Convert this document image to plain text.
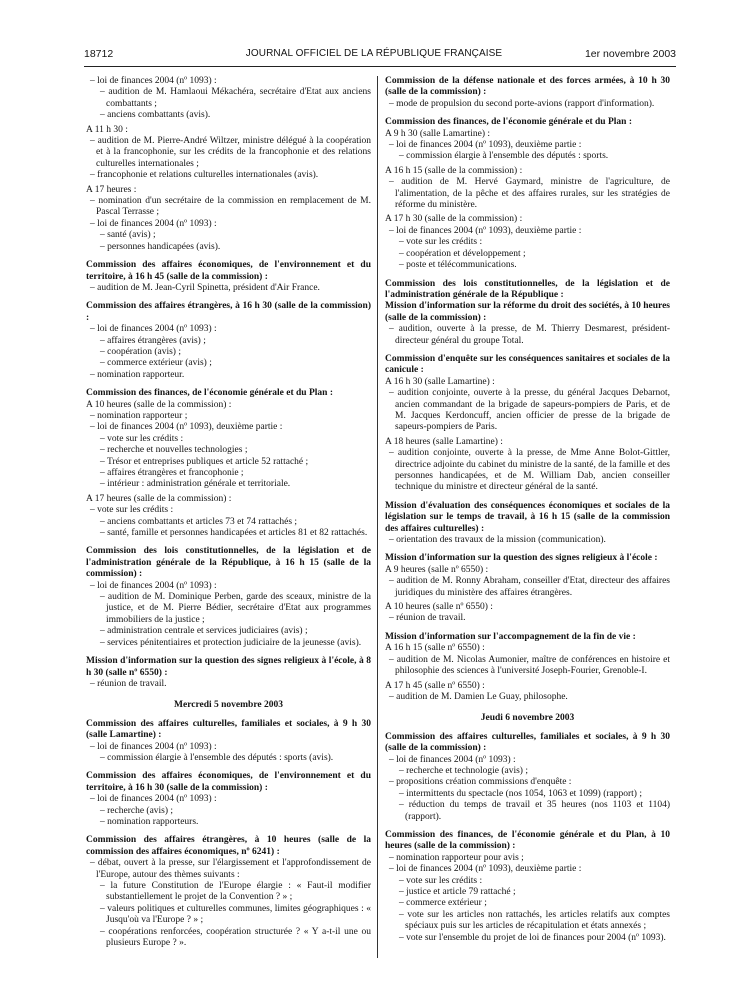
18712	JOURNAL OFFICIEL DE LA RÉPUBLIQUE FRANÇAISE	1er novembre 2003

– loi de finances 2004 (nº 1093) :

– audition de M. Hamlaoui Mékachéra, secrétaire d'Etat aux anciens combattants ;

– anciens combattants (avis).

A 11 h 30 :

– audition de M. Pierre-André Wiltzer, ministre délégué à la coopération et à la francophonie, sur les crédits de la francophonie et des relations culturelles internationales ;

– francophonie et relations culturelles internationales (avis).

A 17 heures :

– nomination d'un secrétaire de la commission en remplacement de M. Pascal Terrasse ;

– loi de finances 2004 (nº 1093) :

– santé (avis) ;

– personnes handicapées (avis).

Commission des affaires économiques, de l'environnement et du territoire, à 16 h 45 (salle de la commission) :

– audition de M. Jean-Cyril Spinetta, président d'Air France.

Commission des affaires étrangères, à 16 h 30 (salle de la commission) :

– loi de finances 2004 (nº 1093) :

– affaires étrangères (avis) ;

– coopération (avis) ;

– commerce extérieur (avis) ;

– nomination rapporteur.

Commission des finances, de l'économie générale et du Plan :

A 10 heures (salle de la commission) :

– nomination rapporteur ;

– loi de finances 2004 (nº 1093), deuxième partie :

– vote sur les crédits :

– recherche et nouvelles technologies ;

– Trésor et entreprises publiques et article 52 rattaché ;

– affaires étrangères et francophonie ;

– intérieur : administration générale et territoriale.

A 17 heures (salle de la commission) :

– vote sur les crédits :

– anciens combattants et articles 73 et 74 rattachés ;

– santé, famille et personnes handicapées et articles 81 et 82 rattachés.

Commission des lois constitutionnelles, de la législation et de l'administration générale de la République, à 16 h 15 (salle de la commission) :

– loi de finances 2004 (nº 1093) :

– audition de M. Dominique Perben, garde des sceaux, ministre de la justice, et de M. Pierre Bédier, secrétaire d'Etat aux programmes immobiliers de la justice ;

– administration centrale et services judiciaires (avis) ;

– services pénitentiaires et protection judiciaire de la jeunesse (avis).

Mission d'information sur la question des signes religieux à l'école, à 8 h 30 (salle nº 6550) :

– réunion de travail.

Mercredi 5 novembre 2003

Commission des affaires culturelles, familiales et sociales, à 9 h 30 (salle Lamartine) :

– loi de finances 2004 (nº 1093) :

– commission élargie à l'ensemble des députés : sports (avis).

Commission des affaires économiques, de l'environnement et du territoire, à 16 h 30 (salle de la commission) :

– loi de finances 2004 (nº 1093) :

– recherche (avis) ;

– nomination rapporteurs.

Commission des affaires étrangères, à 10 heures (salle de la commission des affaires économiques, nº 6241) :

– débat, ouvert à la presse, sur l'élargissement et l'approfondissement de l'Europe, autour des thèmes suivants :

– la future Constitution de l'Europe élargie : « Faut-il modifier substantiellement le projet de la Convention ? » ;

– valeurs politiques et culturelles communes, limites géographiques : « Jusqu'où va l'Europe ? » ;

– coopérations renforcées, coopération structurée ? « Y a-t-il une ou plusieurs Europe ? ».

Commission de la défense nationale et des forces armées, à 10 h 30 (salle de la commission) :

– mode de propulsion du second porte-avions (rapport d'information).

Commission des finances, de l'économie générale et du Plan :

A 9 h 30 (salle Lamartine) :

– loi de finances 2004 (nº 1093), deuxième partie :

– commission élargie à l'ensemble des députés : sports.

A 16 h 15 (salle de la commission) :

– audition de M. Hervé Gaymard, ministre de l'agriculture, de l'alimentation, de la pêche et des affaires rurales, sur les stratégies de réforme du ministère.

A 17 h 30 (salle de la commission) :

– loi de finances 2004 (nº 1093), deuxième partie :

– vote sur les crédits :

– coopération et développement ;

– poste et télécommunications.

Commission des lois constitutionnelles, de la législation et de l'administration générale de la République :

Mission d'information sur la réforme du droit des sociétés, à 10 heures (salle de la commission) :

– audition, ouverte à la presse, de M. Thierry Desmarest, président-directeur général du groupe Total.

Commission d'enquête sur les conséquences sanitaires et sociales de la canicule :

A 16 h 30 (salle Lamartine) :

– audition conjointe, ouverte à la presse, du général Jacques Debarnot, ancien commandant de la brigade de sapeurs-pompiers de Paris, et de M. Jacques Kerdoncuff, ancien officier de presse de la brigade de sapeurs-pompiers de Paris.

A 18 heures (salle Lamartine) :

– audition conjointe, ouverte à la presse, de Mme Anne Bolot-Gittler, directrice adjointe du cabinet du ministre de la santé, de la famille et des personnes handicapées, et de M. William Dab, ancien conseiller technique du ministre et directeur général de la santé.

Mission d'évaluation des conséquences économiques et sociales de la législation sur le temps de travail, à 16 h 15 (salle de la commission des affaires culturelles) :

– orientation des travaux de la mission (communication).

Mission d'information sur la question des signes religieux à l'école :

A 9 heures (salle nº 6550) :

– audition de M. Ronny Abraham, conseiller d'Etat, directeur des affaires juridiques du ministère des affaires étrangères.

A 10 heures (salle nº 6550) :

– réunion de travail.

Mission d'information sur l'accompagnement de la fin de vie :

A 16 h 15 (salle nº 6550) :

– audition de M. Nicolas Aumonier, maître de conférences en histoire et philosophie des sciences à l'université Joseph-Fourier, Grenoble-I.

A 17 h 45 (salle nº 6550) :

– audition de M. Damien Le Guay, philosophe.

Jeudi 6 novembre 2003

Commission des affaires culturelles, familiales et sociales, à 9 h 30 (salle de la commission) :

– loi de finances 2004 (nº 1093) :

– recherche et technologie (avis) ;

– propositions création commissions d'enquête :

– intermittents du spectacle (nos 1054, 1063 et 1099) (rapport) ;

– réduction du temps de travail et 35 heures (nos 1103 et 1104) (rapport).

Commission des finances, de l'économie générale et du Plan, à 10 heures (salle de la commission) :

– nomination rapporteur pour avis ;

– loi de finances 2004 (nº 1093), deuxième partie :

– vote sur les crédits :

– justice et article 79 rattaché ;

– commerce extérieur ;

– vote sur les articles non rattachés, les articles relatifs aux comptes spéciaux puis sur les articles de récapitulation et états annexés ;

– vote sur l'ensemble du projet de loi de finances pour 2004 (nº 1093).
